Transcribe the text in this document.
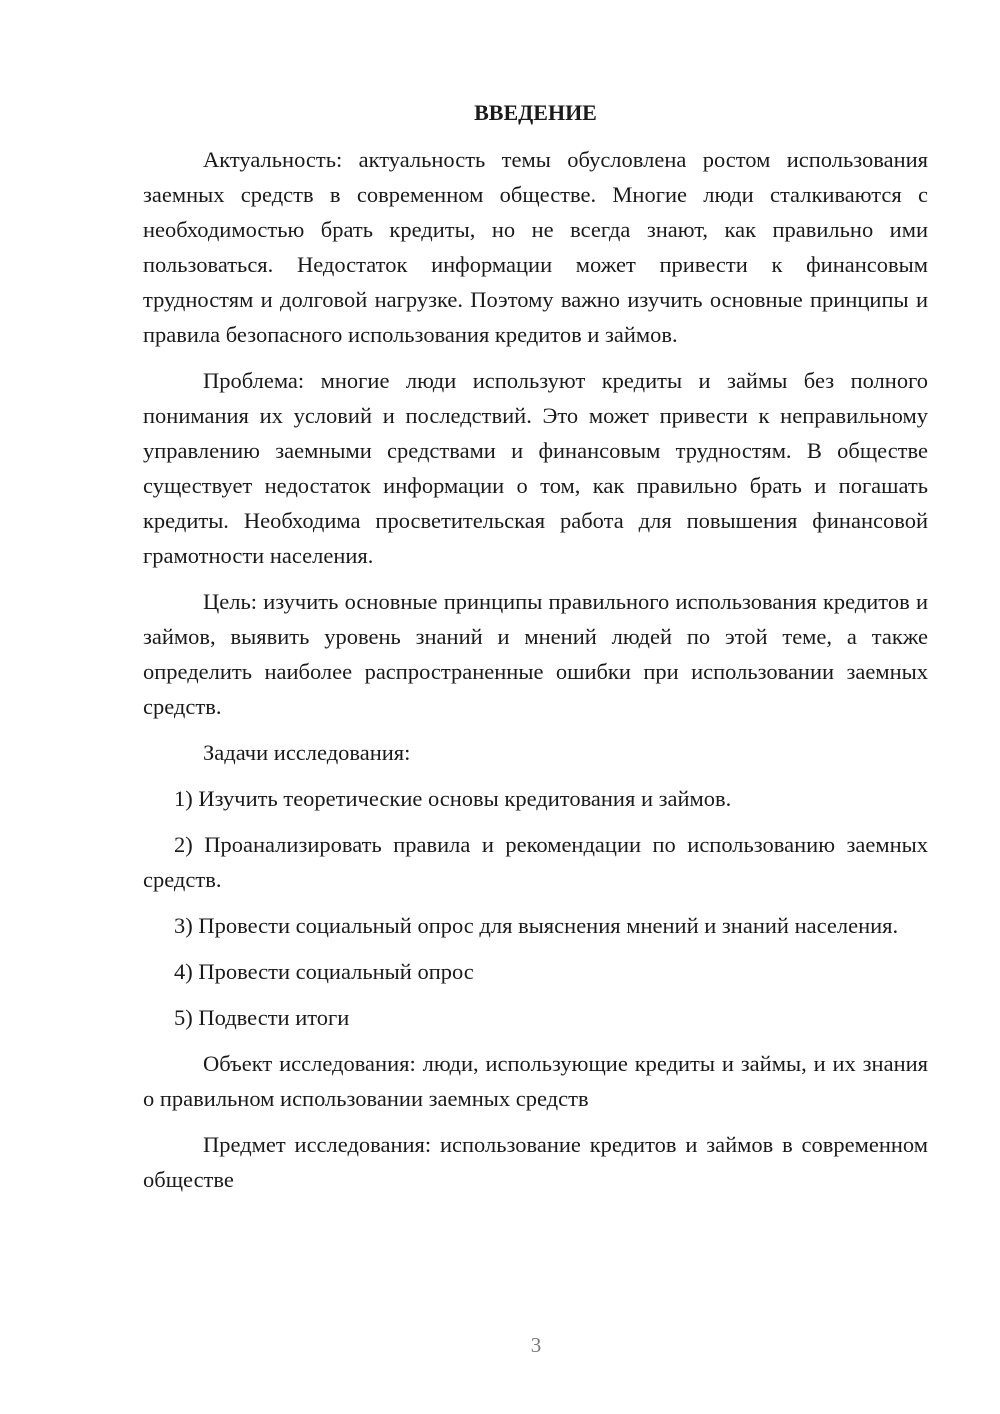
ВВЕДЕНИЕ

Актуальность: актуальность темы обусловлена ростом использования заемных средств в современном обществе. Многие люди сталкиваются с необходимостью брать кредиты, но не всегда знают, как правильно ими пользоваться. Недостаток информации может привести к финансовым трудностям и долговой нагрузке. Поэтому важно изучить основные принципы и правила безопасного использования кредитов и займов.

Проблема: многие люди используют кредиты и займы без полного понимания их условий и последствий. Это может привести к неправильному управлению заемными средствами и финансовым трудностям. В обществе существует недостаток информации о том, как правильно брать и погашать кредиты. Необходима просветительская работа для повышения финансовой грамотности населения.

Цель: изучить основные принципы правильного использования кредитов и займов, выявить уровень знаний и мнений людей по этой теме, а также определить наиболее распространенные ошибки при использовании заемных средств.

Задачи исследования:

1) Изучить теоретические основы кредитования и займов.

2) Проанализировать правила и рекомендации по использованию заемных средств.

3) Провести социальный опрос для выяснения мнений и знаний населения.

4) Провести социальный опрос

5) Подвести итоги

Объект исследования: люди, использующие кредиты и займы, и их знания о правильном использовании заемных средств

Предмет исследования: использование кредитов и займов в современном обществе

3
